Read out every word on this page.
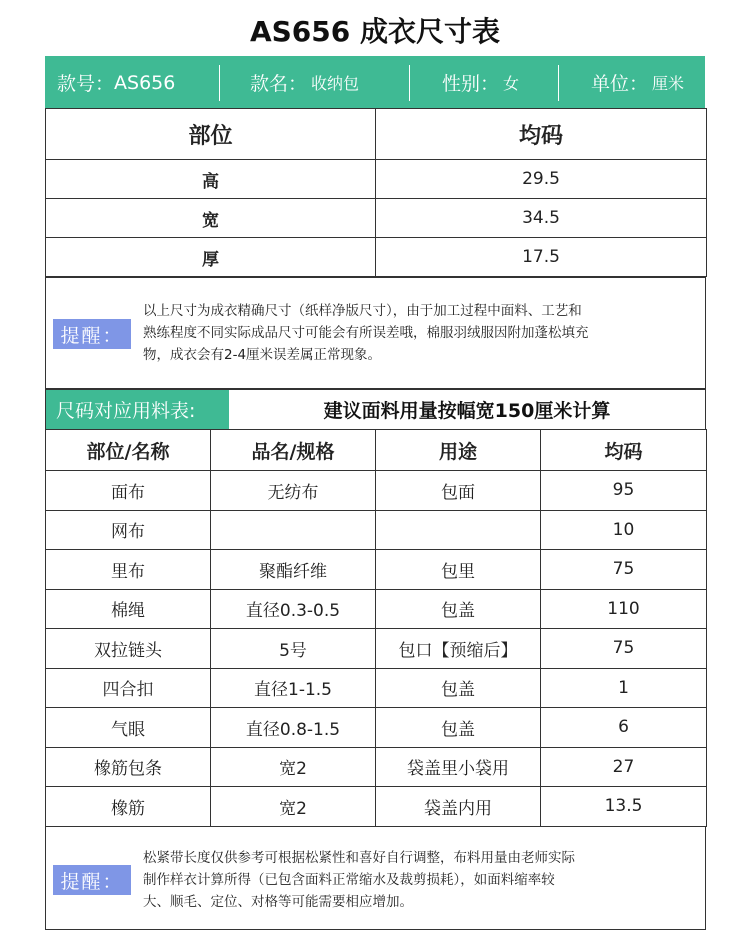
AS656 成衣尺寸表
款号： AS656	款名： 收纳包	性别： 女	单位： 厘米
部位	均码
高	29.5
宽	34.5
厚	17.5
提醒：
以上尺寸为成衣精确尺寸（纸样净版尺寸），由于加工过程中面料、工艺和
熟练程度不同实际成品尺寸可能会有所误差哦，棉服羽绒服因附加蓬松填充
物，成衣会有2-4厘米误差属正常现象。
尺码对应用料表:	建议面料用量按幅宽150厘米计算
部位/名称	品名/规格	用途	均码
面布	无纺布	包面	95
网布			10
里布	聚酯纤维	包里	75
棉绳	直径0.3-0.5	包盖	110
双拉链头	5号	包口【预缩后】	75
四合扣	直径1-1.5	包盖	1
气眼	直径0.8-1.5	包盖	6
橡筋包条	宽2	袋盖里小袋用	27
橡筋	宽2	袋盖内用	13.5
提醒：
松紧带长度仅供参考可根据松紧性和喜好自行调整，布料用量由老师实际
制作样衣计算所得（已包含面料正常缩水及裁剪损耗），如面料缩率较
大、顺毛、定位、对格等可能需要相应增加。
